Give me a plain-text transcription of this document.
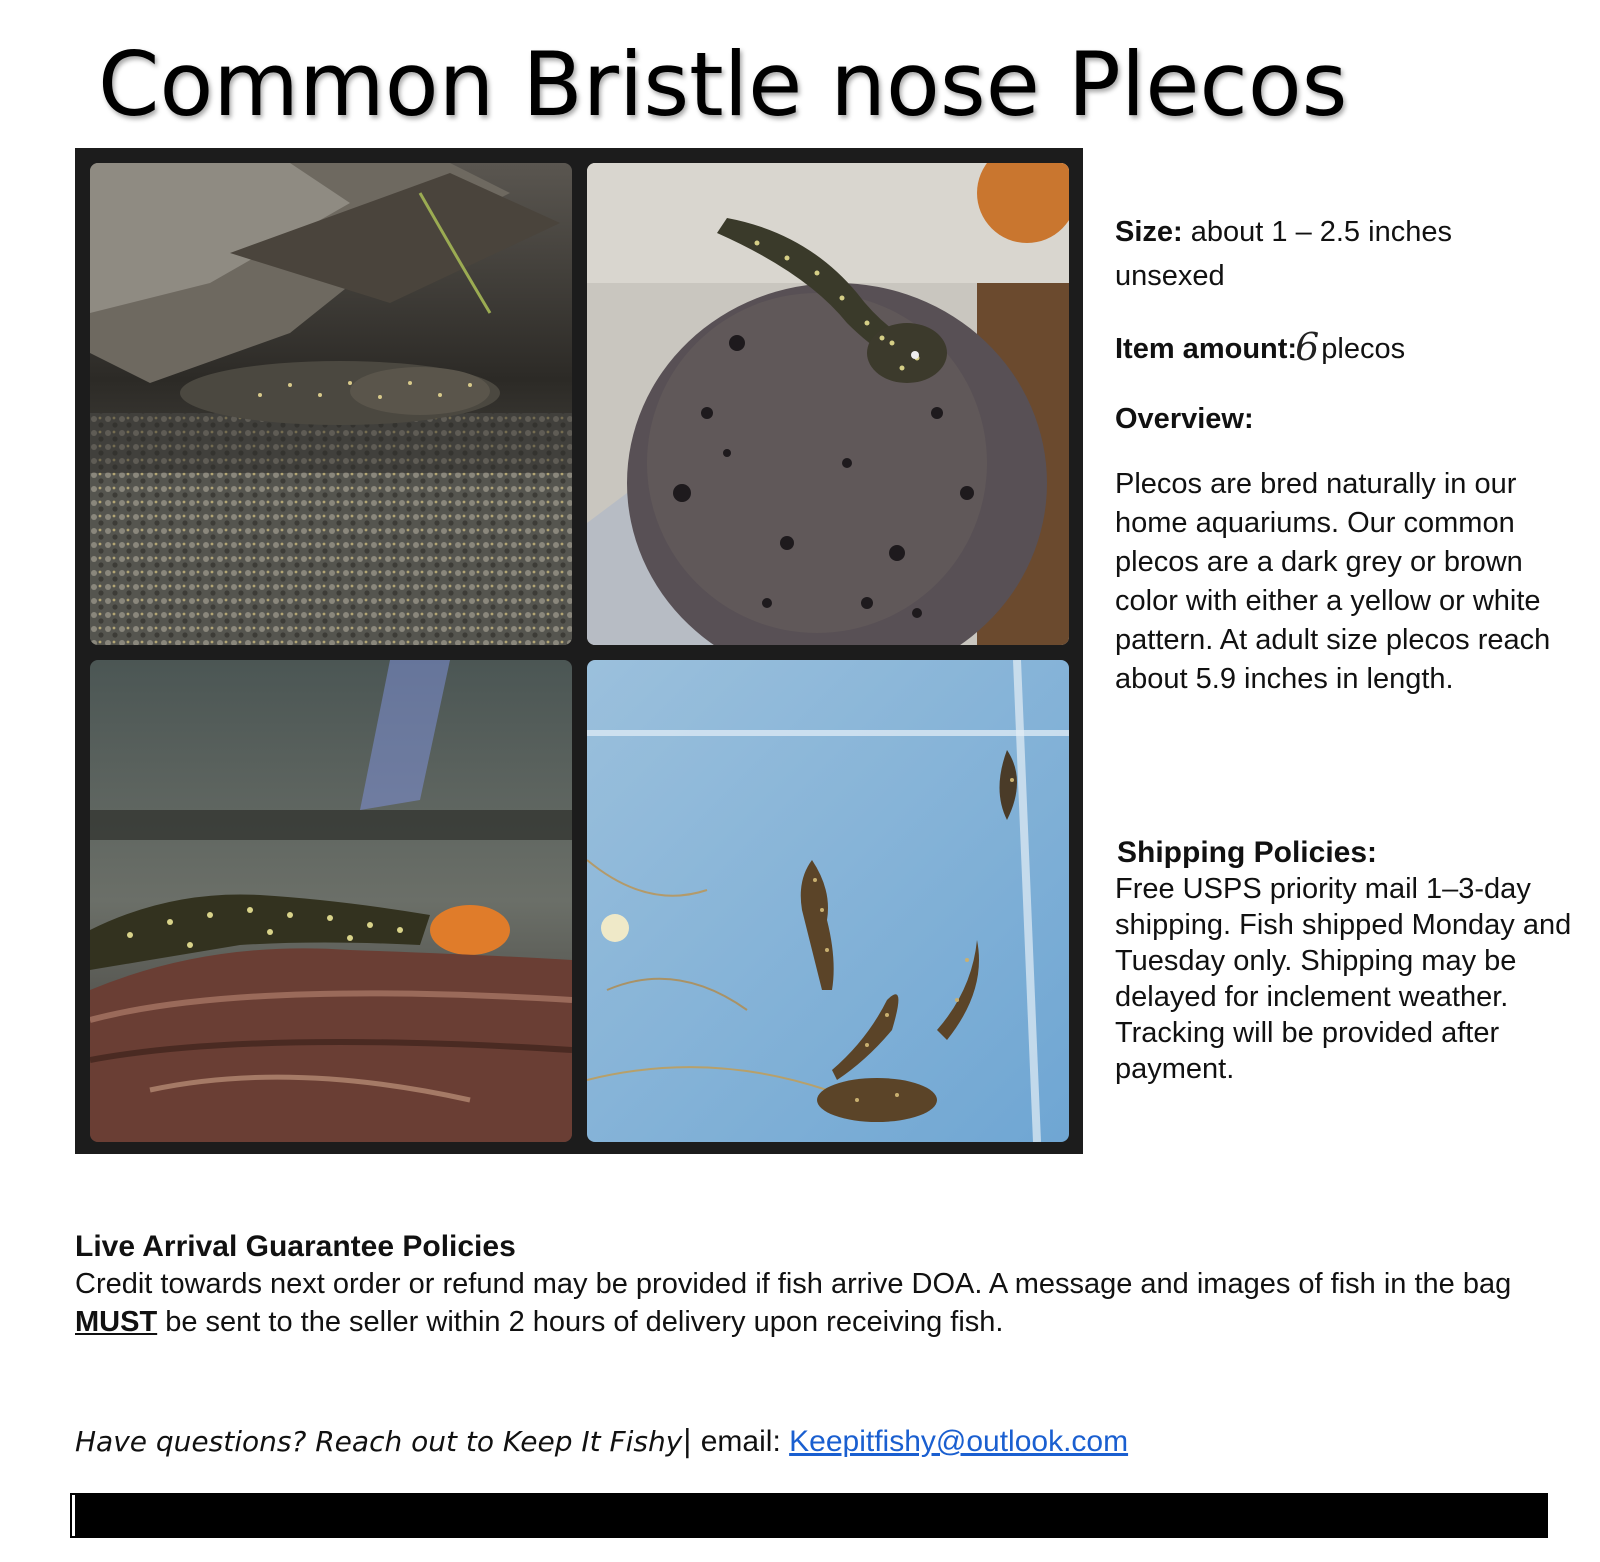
Common Bristle nose Plecos

Size: about 1 – 2.5 inches unsexed

Item amount:6plecos
Overview:
Plecos are bred naturally in our home aquariums. Our common plecos are a dark grey or brown color with either a yellow or white pattern. At adult size plecos reach about 5.9 inches in length.
Shipping Policies:
Free USPS priority mail 1–3-day shipping. Fish shipped Monday and Tuesday only. Shipping may be delayed for inclement weather. Tracking will be provided after payment.
Live Arrival Guarantee Policies
Credit towards next order or refund may be provided if fish arrive DOA. A message and images of fish in the bag MUST be sent to the seller within 2 hours of delivery upon receiving fish.
Have questions? Reach out to Keep It Fishy| email: Keepitfishy@outlook.com
